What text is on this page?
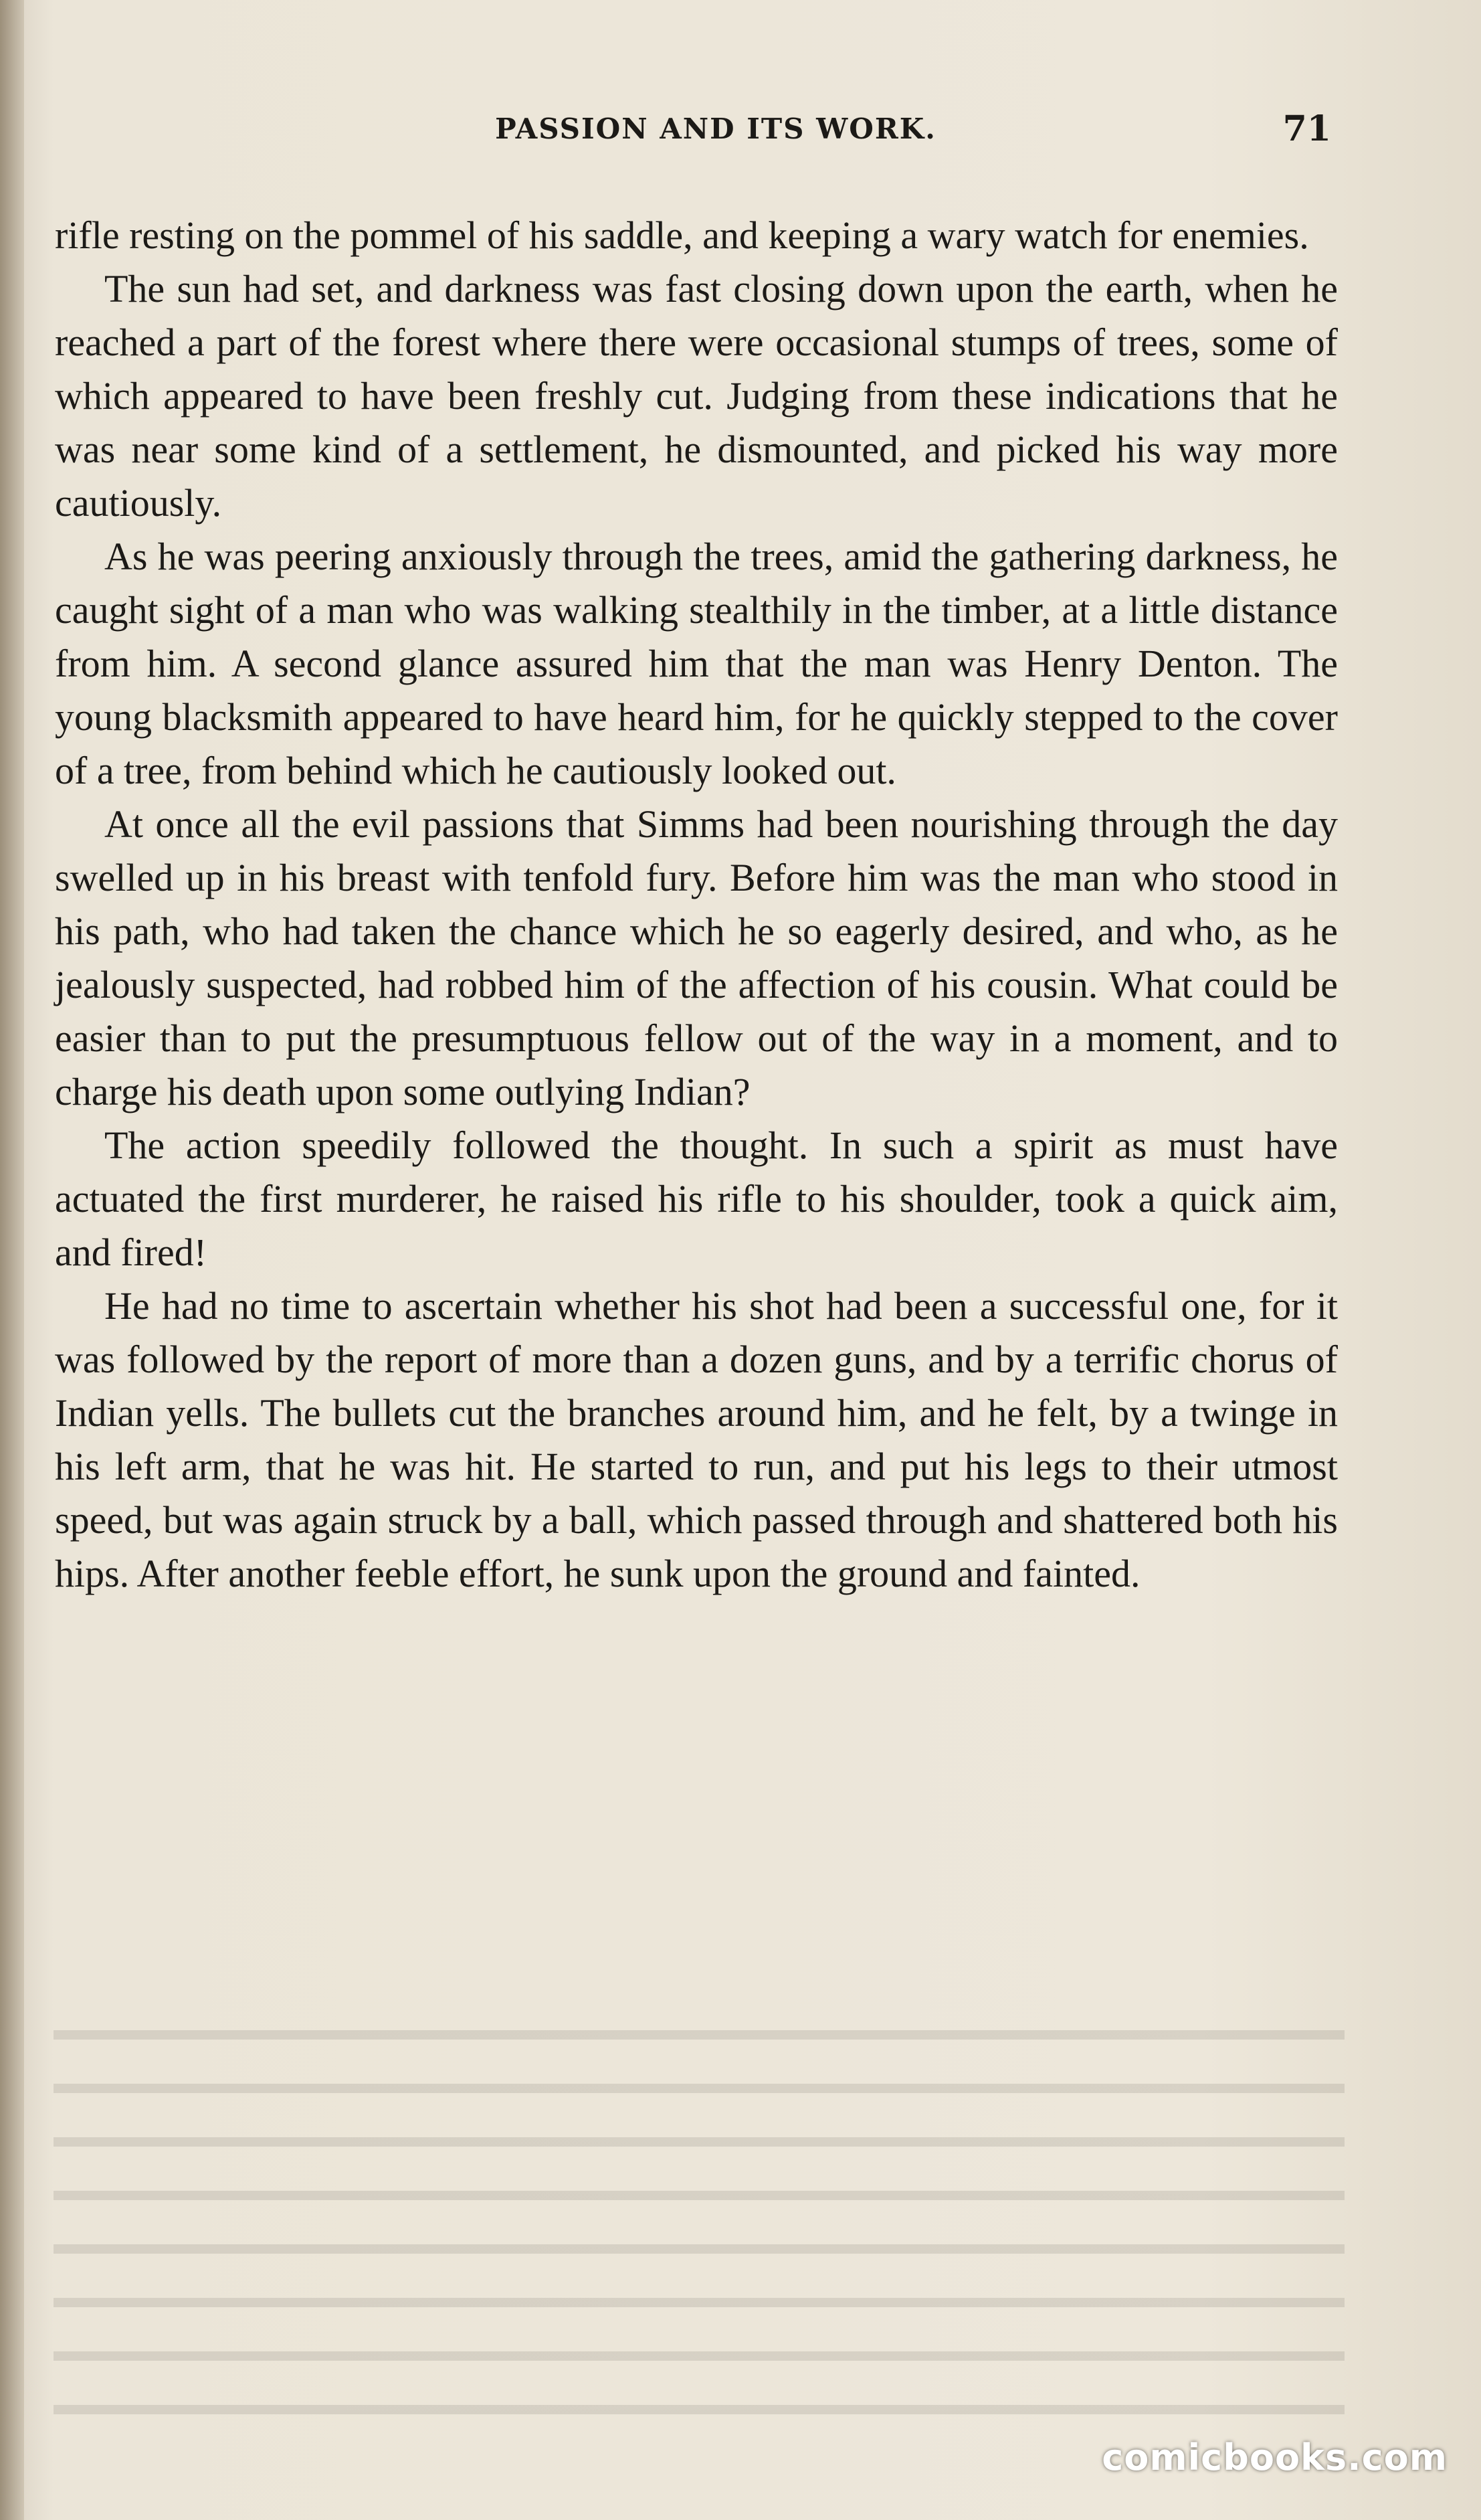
PASSION AND ITS WORK.	71

rifle resting on the pommel of his saddle, and keeping a wary watch for enemies.

The sun had set, and darkness was fast closing down upon the earth, when he reached a part of the forest where there were occasional stumps of trees, some of which appeared to have been freshly cut. Judging from these indications that he was near some kind of a settlement, he dismounted, and picked his way more cautiously.

As he was peering anxiously through the trees, amid the gathering darkness, he caught sight of a man who was walking stealthily in the timber, at a little distance from him. A second glance assured him that the man was Henry Denton. The young blacksmith appeared to have heard him, for he quickly stepped to the cover of a tree, from behind which he cautiously looked out.

At once all the evil passions that Simms had been nourishing through the day swelled up in his breast with tenfold fury. Before him was the man who stood in his path, who had taken the chance which he so eagerly desired, and who, as he jealously suspected, had robbed him of the affection of his cousin. What could be easier than to put the presumptuous fellow out of the way in a moment, and to charge his death upon some outlying Indian?

The action speedily followed the thought. In such a spirit as must have actuated the first murderer, he raised his rifle to his shoulder, took a quick aim, and fired!

He had no time to ascertain whether his shot had been a successful one, for it was followed by the report of more than a dozen guns, and by a terrific chorus of Indian yells. The bullets cut the branches around him, and he felt, by a twinge in his left arm, that he was hit. He started to run, and put his legs to their utmost speed, but was again struck by a ball, which passed through and shattered both his hips. After another feeble effort, he sunk upon the ground and fainted.

comicbooks.com
